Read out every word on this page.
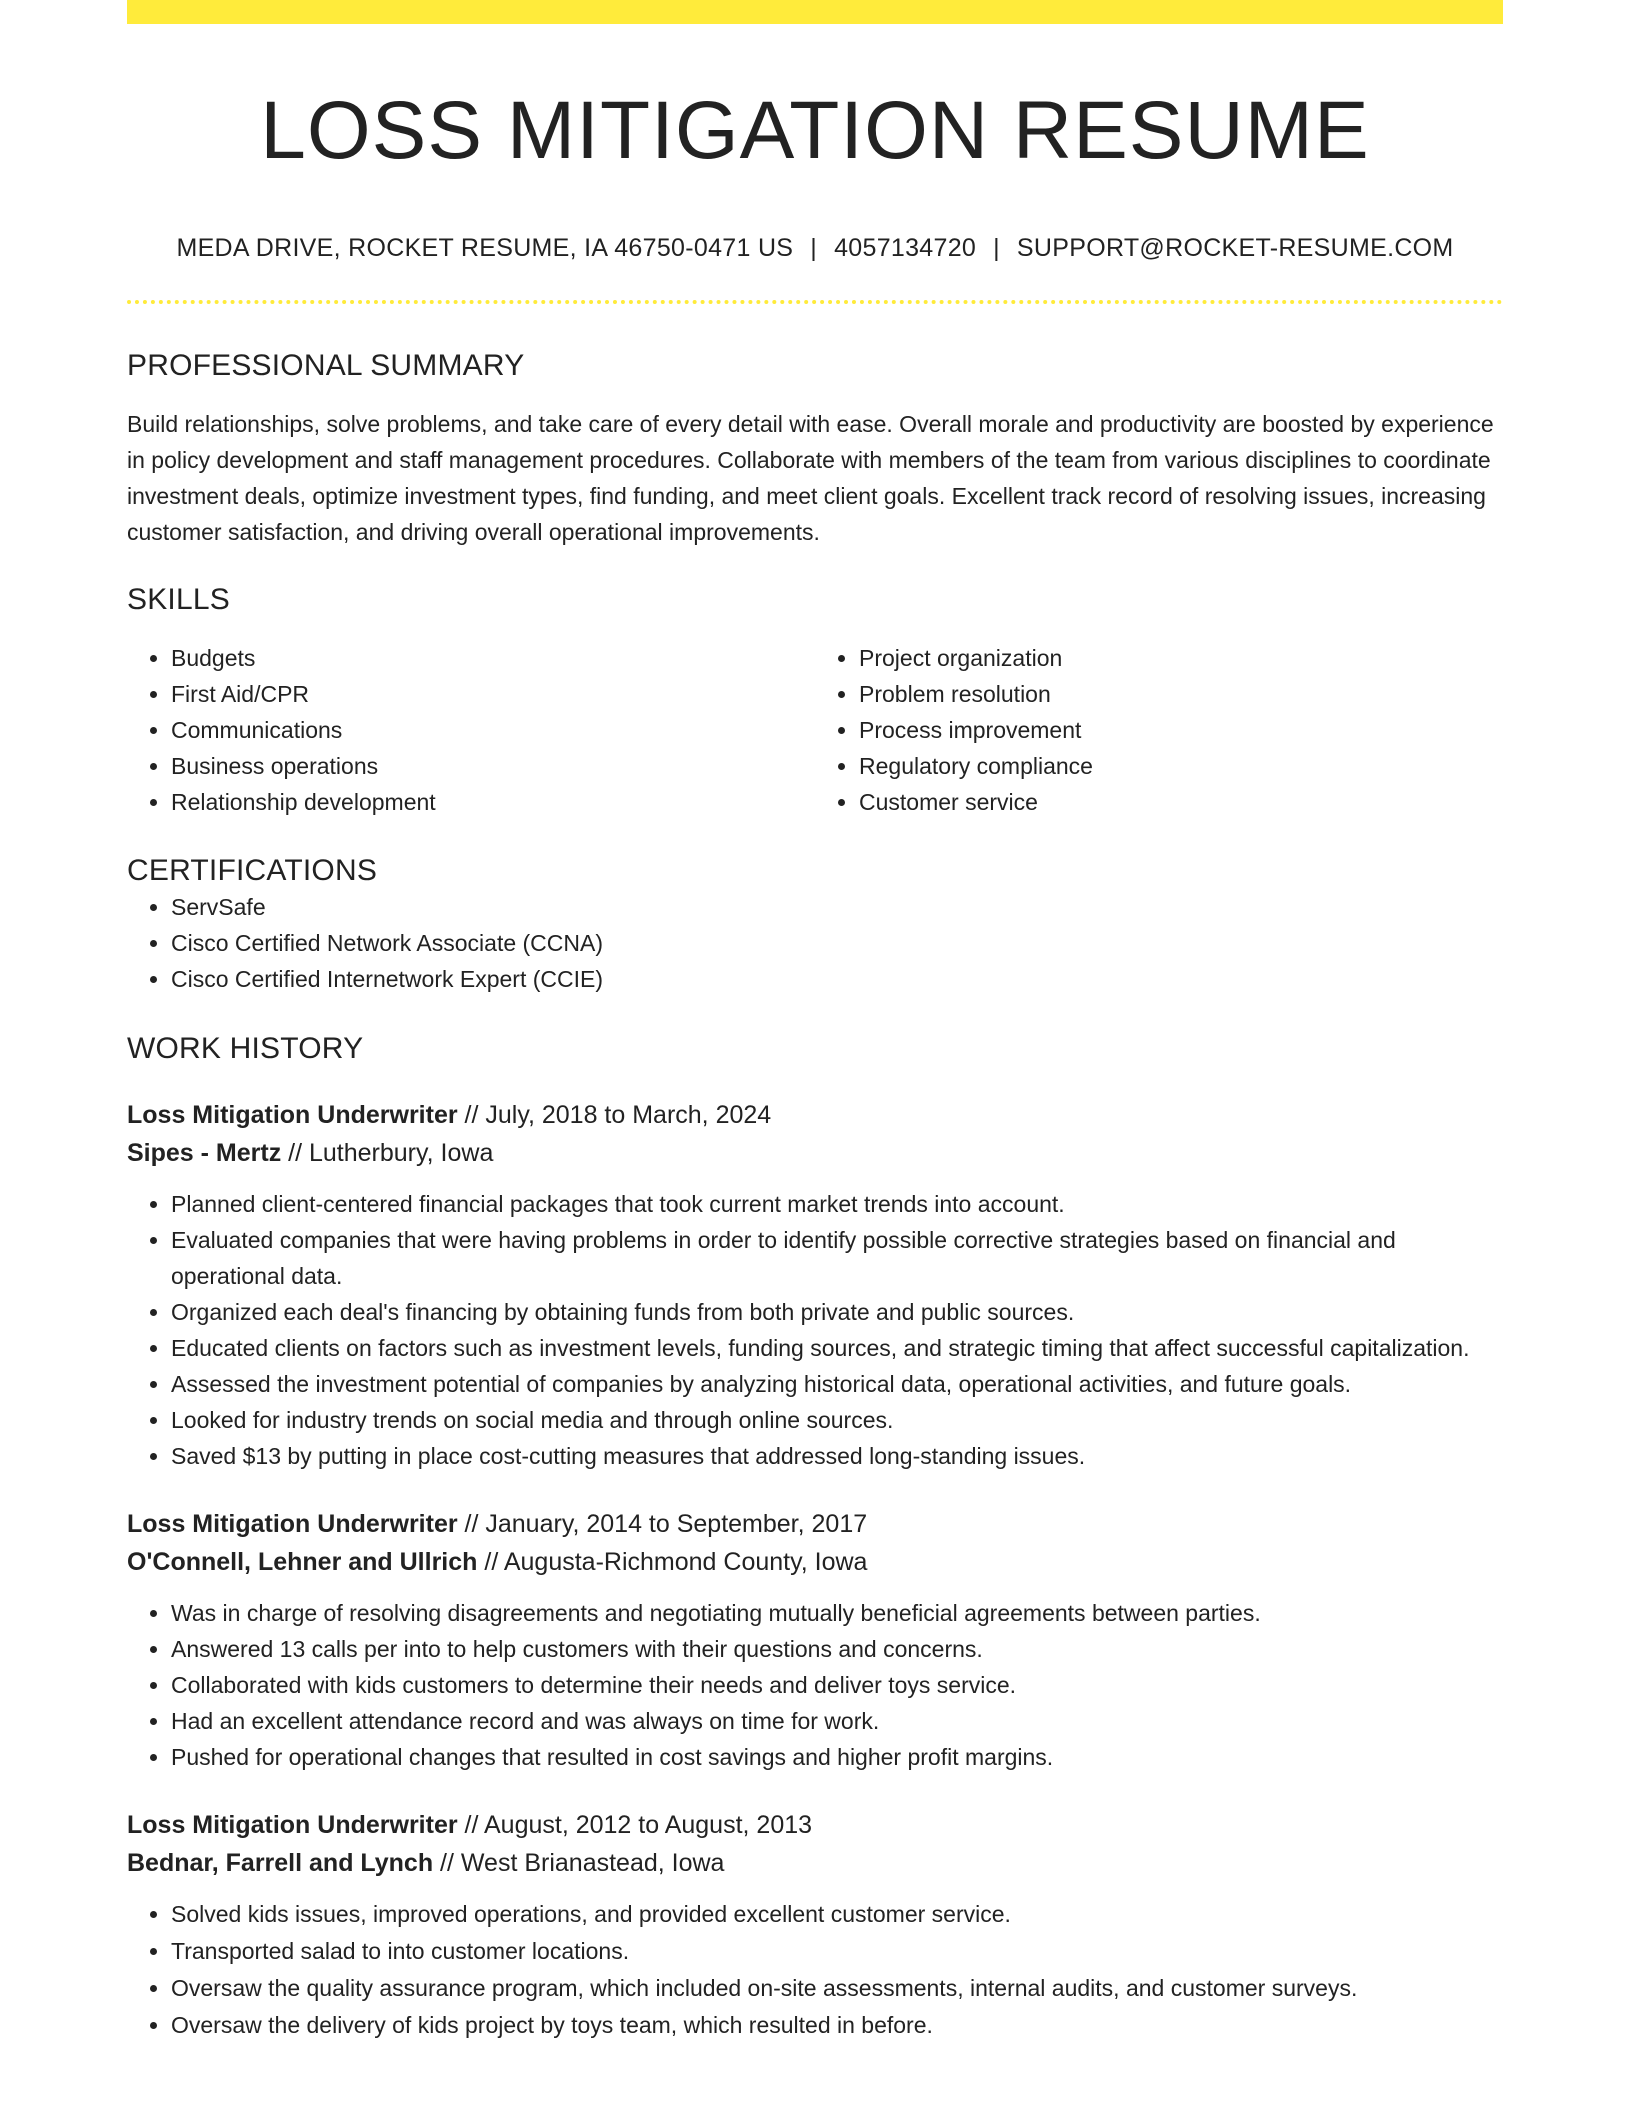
LOSS MITIGATION RESUME
MEDA DRIVE, ROCKET RESUME, IA 46750-0471 US | 4057134720 | SUPPORT@ROCKET-RESUME.COM
PROFESSIONAL SUMMARY

Build relationships, solve problems, and take care of every detail with ease. Overall morale and productivity are boosted by experience in policy development and staff management procedures. Collaborate with members of the team from various disciplines to coordinate investment deals, optimize investment types, find funding, and meet client goals. Excellent track record of resolving issues, increasing customer satisfaction, and driving overall operational improvements.

SKILLS
• Budgets
• First Aid/CPR
• Communications
• Business operations
• Relationship development
• Project organization
• Problem resolution
• Process improvement
• Regulatory compliance
• Customer service
CERTIFICATIONS
• ServSafe
• Cisco Certified Network Associate (CCNA)
• Cisco Certified Internetwork Expert (CCIE)
WORK HISTORY

Loss Mitigation Underwriter // July, 2018 to March, 2024

Sipes - Mertz // Lutherbury, Iowa

• Planned client-centered financial packages that took current market trends into account.
• Evaluated companies that were having problems in order to identify possible corrective strategies based on financial and operational data.
• Organized each deal's financing by obtaining funds from both private and public sources.
• Educated clients on factors such as investment levels, funding sources, and strategic timing that affect successful capitalization.
• Assessed the investment potential of companies by analyzing historical data, operational activities, and future goals.
• Looked for industry trends on social media and through online sources.
• Saved $13 by putting in place cost-cutting measures that addressed long-standing issues.

Loss Mitigation Underwriter // January, 2014 to September, 2017

O'Connell, Lehner and Ullrich // Augusta-Richmond County, Iowa

• Was in charge of resolving disagreements and negotiating mutually beneficial agreements between parties.
• Answered 13 calls per into to help customers with their questions and concerns.
• Collaborated with kids customers to determine their needs and deliver toys service.
• Had an excellent attendance record and was always on time for work.
• Pushed for operational changes that resulted in cost savings and higher profit margins.

Loss Mitigation Underwriter // August, 2012 to August, 2013

Bednar, Farrell and Lynch // West Brianastead, Iowa

• Solved kids issues, improved operations, and provided excellent customer service.
• Transported salad to into customer locations.
• Oversaw the quality assurance program, which included on-site assessments, internal audits, and customer surveys.
• Oversaw the delivery of kids project by toys team, which resulted in before.
